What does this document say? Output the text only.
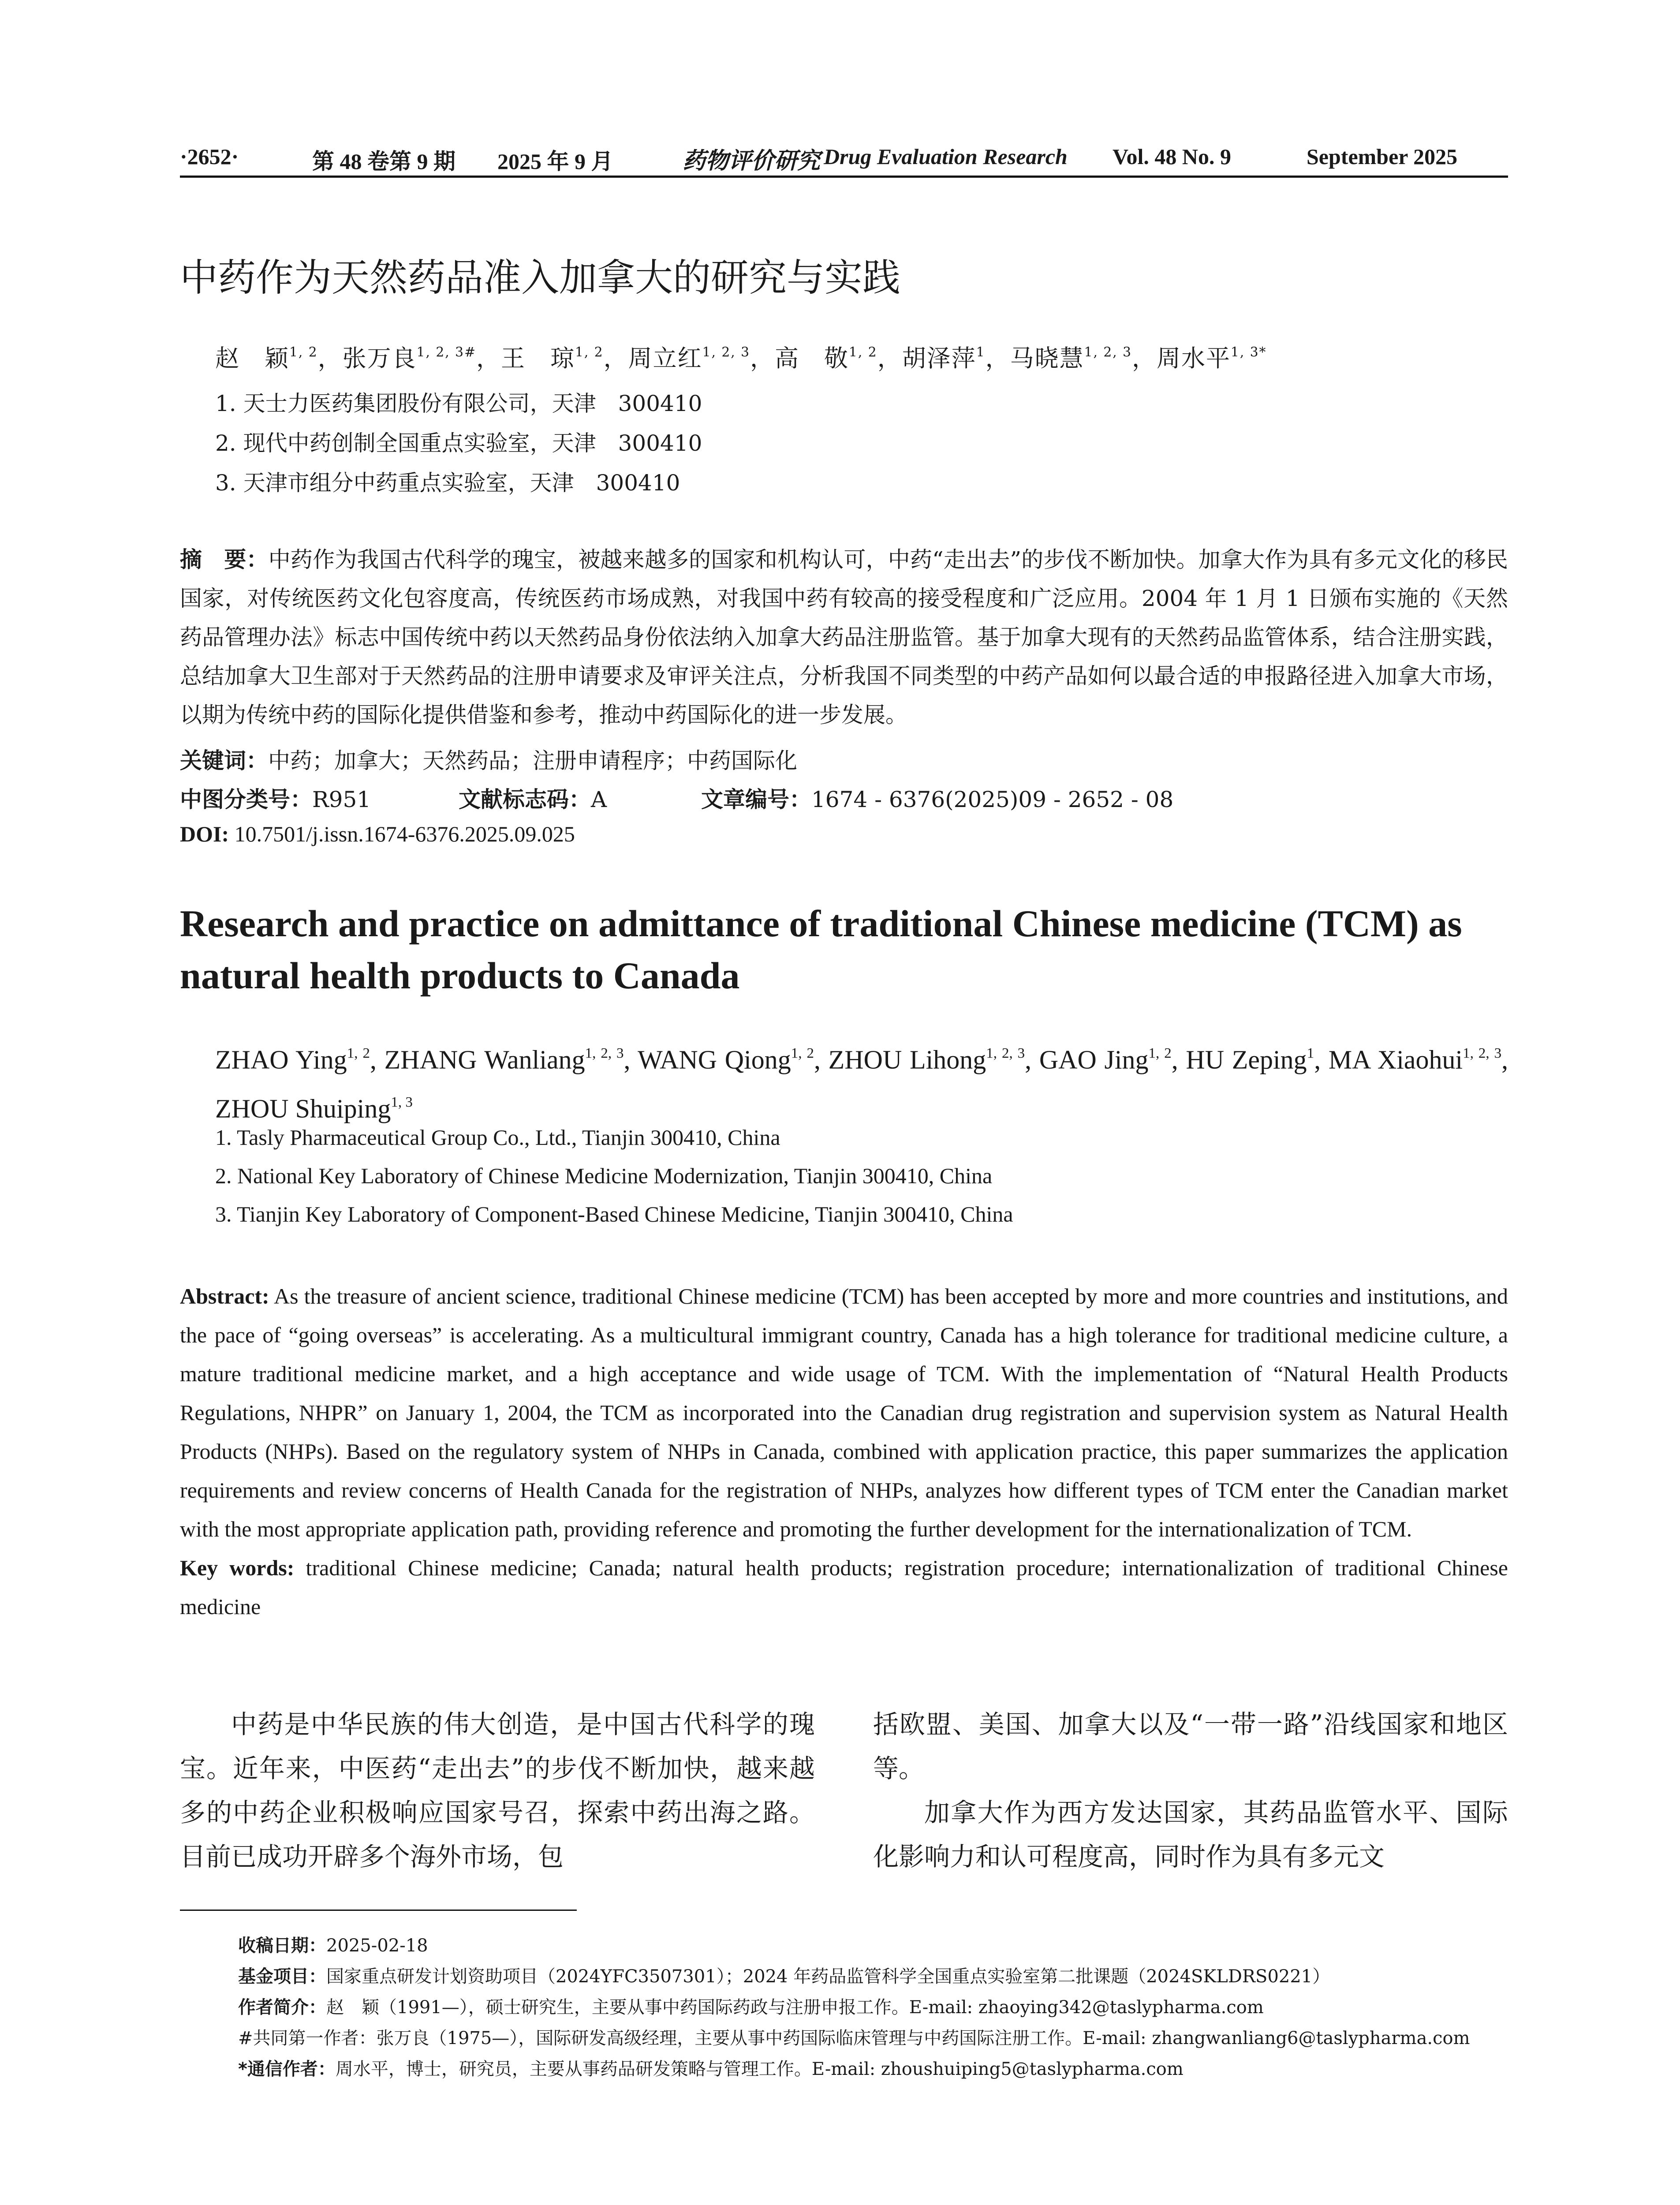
·2652·	第 48 卷第 9 期 2025 年 9 月	药物评价研究 Drug Evaluation Research Vol. 48 No. 9	September 2025
中药作为天然药品准入加拿大的研究与实践
赵　颖$^{1, 2}$，张万良$^{1, 2, 3\#}$，王　琼$^{1, 2}$，周立红$^{1, 2, 3}$，高　敬$^{1, 2}$，胡泽萍$^1$，马晓慧$^{1, 2, 3}$，周水平$^{1, 3*}$
1. 天士力医药集团股份有限公司，天津　300410
2. 现代中药创制全国重点实验室，天津　300410
3. 天津市组分中药重点实验室，天津　300410
摘　要：中药作为我国古代科学的瑰宝，被越来越多的国家和机构认可，中药“走出去”的步伐不断加快。加拿大作为具有多元文化的移民国家，对传统医药文化包容度高，传统医药市场成熟，对我国中药有较高的接受程度和广泛应用。2004 年 1 月 1 日颁布实施的《天然药品管理办法》标志中国传统中药以天然药品身份依法纳入加拿大药品注册监管。基于加拿大现有的天然药品监管体系，结合注册实践，总结加拿大卫生部对于天然药品的注册申请要求及审评关注点，分析我国不同类型的中药产品如何以最合适的申报路径进入加拿大市场，以期为传统中药的国际化提供借鉴和参考，推动中药国际化的进一步发展。
关键词：中药；加拿大；天然药品；注册申请程序；中药国际化
中图分类号：R951	文献标志码：A	文章编号：1674 - 6376(2025)09 - 2652 - 08
DOI: 10.7501/j.issn.1674-6376.2025.09.025
Research and practice on admittance of traditional Chinese medicine (TCM) as natural health products to Canada
ZHAO Ying$^{1, 2}$, ZHANG Wanliang$^{1, 2, 3}$, WANG Qiong$^{1, 2}$, ZHOU Lihong$^{1, 2, 3}$, GAO Jing$^{1, 2}$, HU Zeping$^1$, MA Xiaohui$^{1, 2, 3}$, ZHOU Shuiping$^{1, 3}$
1. Tasly Pharmaceutical Group Co., Ltd., Tianjin 300410, China
2. National Key Laboratory of Chinese Medicine Modernization, Tianjin 300410, China
3. Tianjin Key Laboratory of Component-Based Chinese Medicine, Tianjin 300410, China
Abstract: As the treasure of ancient science, traditional Chinese medicine (TCM) has been accepted by more and more countries and institutions, and the pace of “going overseas” is accelerating. As a multicultural immigrant country, Canada has a high tolerance for traditional medicine culture, a mature traditional medicine market, and a high acceptance and wide usage of TCM. With the implementation of “Natural Health Products Regulations, NHPR” on January 1, 2004, the TCM as incorporated into the Canadian drug registration and supervision system as Natural Health Products (NHPs). Based on the regulatory system of NHPs in Canada, combined with application practice, this paper summarizes the application requirements and review concerns of Health Canada for the registration of NHPs, analyzes how different types of TCM enter the Canadian market with the most appropriate application path, providing reference and promoting the further development for the internationalization of TCM.
Key words: traditional Chinese medicine; Canada; natural health products; registration procedure; internationalization of traditional Chinese medicine

中药是中华民族的伟大创造，是中国古代科学的瑰宝。近年来，中医药“走出去”的步伐不断加快，越来越多的中药企业积极响应国家号召，探索中药出海之路。目前已成功开辟多个海外市场，包

括欧盟、美国、加拿大以及“一带一路”沿线国家和地区等。

加拿大作为西方发达国家，其药品监管水平、国际化影响力和认可程度高，同时作为具有多元文

收稿日期：2025-02-18
基金项目：国家重点研发计划资助项目（2024YFC3507301）；2024 年药品监管科学全国重点实验室第二批课题（2024SKLDRS0221）
作者简介：赵　颖（1991—），硕士研究生，主要从事中药国际药政与注册申报工作。E-mail: zhaoying342@taslypharma.com
#共同第一作者：张万良（1975—），国际研发高级经理，主要从事中药国际临床管理与中药国际注册工作。E-mail: zhangwanliang6@taslypharma.com
*通信作者：周水平，博士，研究员，主要从事药品研发策略与管理工作。E-mail: zhoushuiping5@taslypharma.com
